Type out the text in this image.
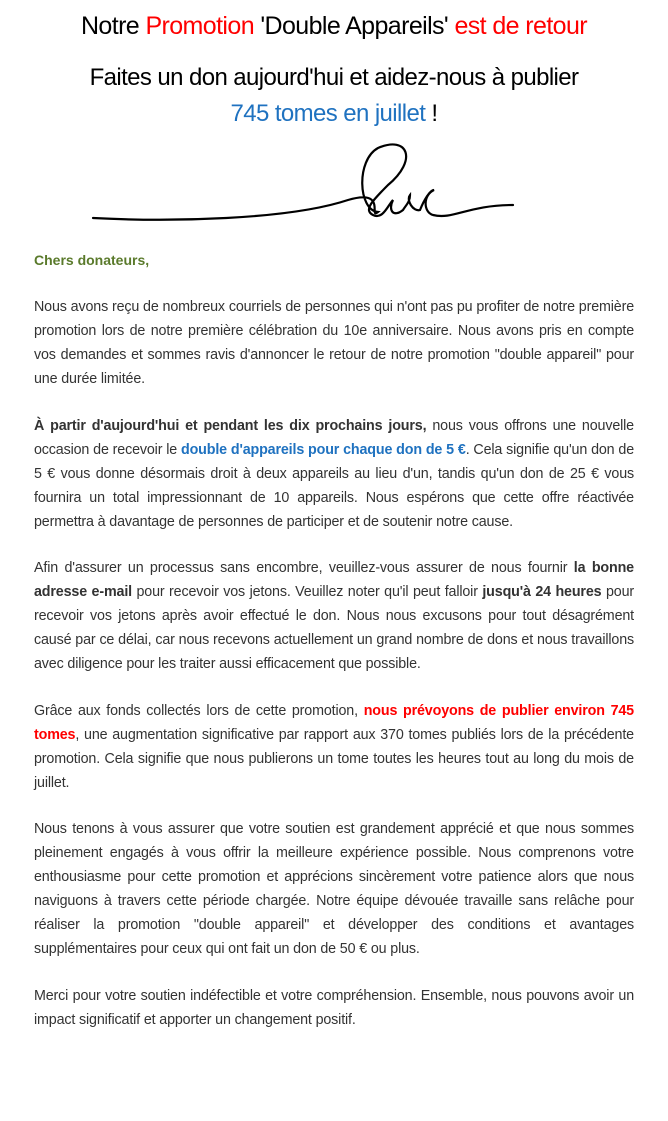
Notre Promotion 'Double Appareils' est de retour
Faites un don aujourd'hui et aidez-nous à publier
745 tomes en juillet !
Chers donateurs,

Nous avons reçu de nombreux courriels de personnes qui n'ont pas pu profiter de notre première promotion lors de notre première célébration du 10e anniversaire. Nous avons pris en compte vos demandes et sommes ravis d'annoncer le retour de notre promotion "double appareil" pour une durée limitée.

À partir d'aujourd'hui et pendant les dix prochains jours, nous vous offrons une nouvelle occasion de recevoir le double d'appareils pour chaque don de 5 €. Cela signifie qu'un don de 5 € vous donne désormais droit à deux appareils au lieu d'un, tandis qu'un don de 25 € vous fournira un total impressionnant de 10 appareils. Nous espérons que cette offre réactivée permettra à davantage de personnes de participer et de soutenir notre cause.

Afin d'assurer un processus sans encombre, veuillez-vous assurer de nous fournir la bonne adresse e-mail pour recevoir vos jetons. Veuillez noter qu'il peut falloir jusqu'à 24 heures pour recevoir vos jetons après avoir effectué le don. Nous nous excusons pour tout désagrément causé par ce délai, car nous recevons actuellement un grand nombre de dons et nous travaillons avec diligence pour les traiter aussi efficacement que possible.

Grâce aux fonds collectés lors de cette promotion, nous prévoyons de publier environ 745 tomes, une augmentation significative par rapport aux 370 tomes publiés lors de la précédente promotion. Cela signifie que nous publierons un tome toutes les heures tout au long du mois de juillet.

Nous tenons à vous assurer que votre soutien est grandement apprécié et que nous sommes pleinement engagés à vous offrir la meilleure expérience possible. Nous comprenons votre enthousiasme pour cette promotion et apprécions sincèrement votre patience alors que nous naviguons à travers cette période chargée. Notre équipe dévouée travaille sans relâche pour réaliser la promotion "double appareil" et développer des conditions et avantages supplémentaires pour ceux qui ont fait un don de 50 € ou plus.

Merci pour votre soutien indéfectible et votre compréhension. Ensemble, nous pouvons avoir un impact significatif et apporter un changement positif.
